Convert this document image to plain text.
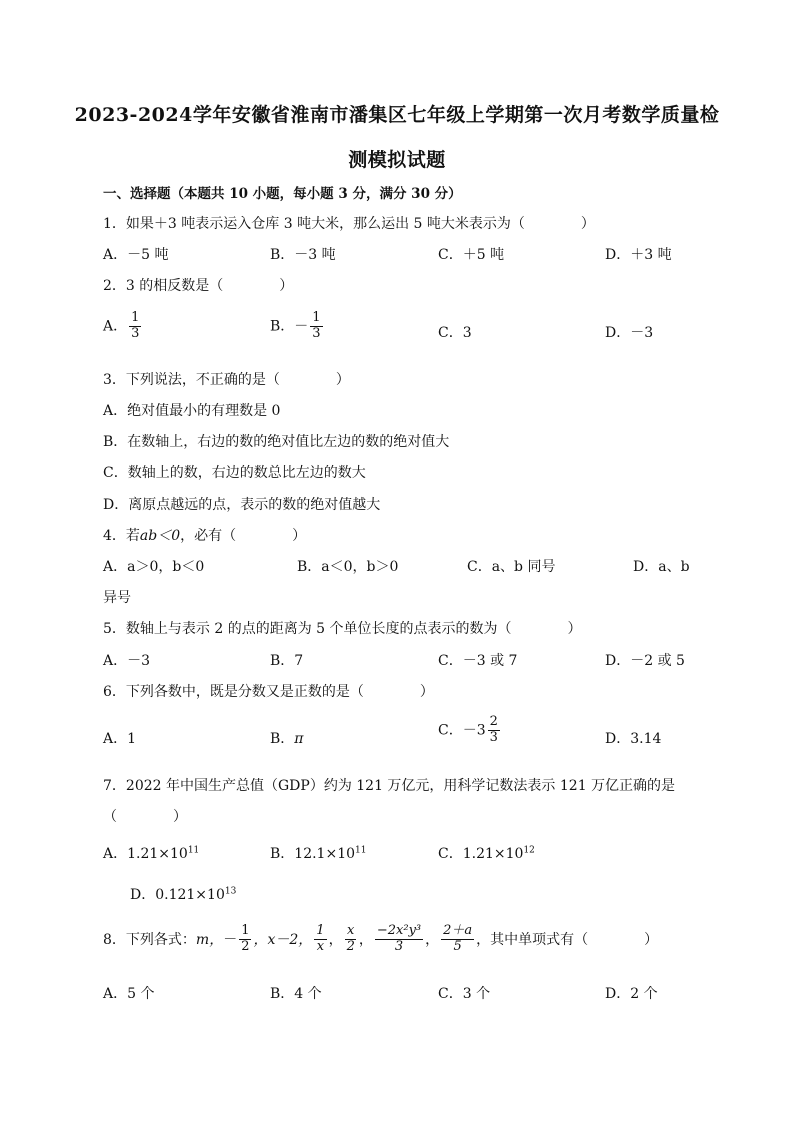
2023-2024学年安徽省淮南市潘集区七年级上学期第一次月考数学质量检
测模拟试题
一、选择题（本题共 10 小题，每小题 3 分，满分 30 分）
1．如果＋3 吨表示运入仓库 3 吨大米，那么运出 5 吨大米表示为（　　　　）
A．－5 吨	B．－3 吨	C．＋5 吨	D．＋3 吨
2．3 的相反数是（　　　　）
A． $\frac{1}{3}$	B．－ $\frac{1}{3}$	C．3	D．－3
3．下列说法，不正确的是（　　　　）
A．绝对值最小的有理数是 0
B．在数轴上，右边的数的绝对值比左边的数的绝对值大
C．数轴上的数，右边的数总比左边的数大
D．离原点越远的点，表示的数的绝对值越大
4．若ab＜0，必有（　　　　）
A．a＞0，b＜0	B．a＜0，b＞0	C．a、b 同号	D．a、b
异号
5．数轴上与表示 2 的点的距离为 5 个单位长度的点表示的数为（　　　　）
A．－3	B．7	C．－3 或 7	D．－2 或 5
6．下列各数中，既是分数又是正数的是（　　　　）
A．1	B．π
C．$-3 \frac{2}{3}$	D．3.14
7．2022 年中国生产总值（GDP）约为 121 万亿元，用科学记数法表示 121 万亿正确的是
（　　　　）
A．$1.21\times 10^{11}$	B．$12.1\times 10^{11}$	C．$1.21\times 10^{12}$
D．$0.121\times 10^{13}$
8．下列各式： m， － $\frac{1}{2}$ ，x－2， $\frac{1}{x}$ ， $\frac{x}{2}$ ， $\frac{\text{−2x²y³}}{3}$ ， $\frac{2+a}{5}$ ，其中单项式有（　　　　）
A．5 个	B．4 个	C．3 个	D．2 个
